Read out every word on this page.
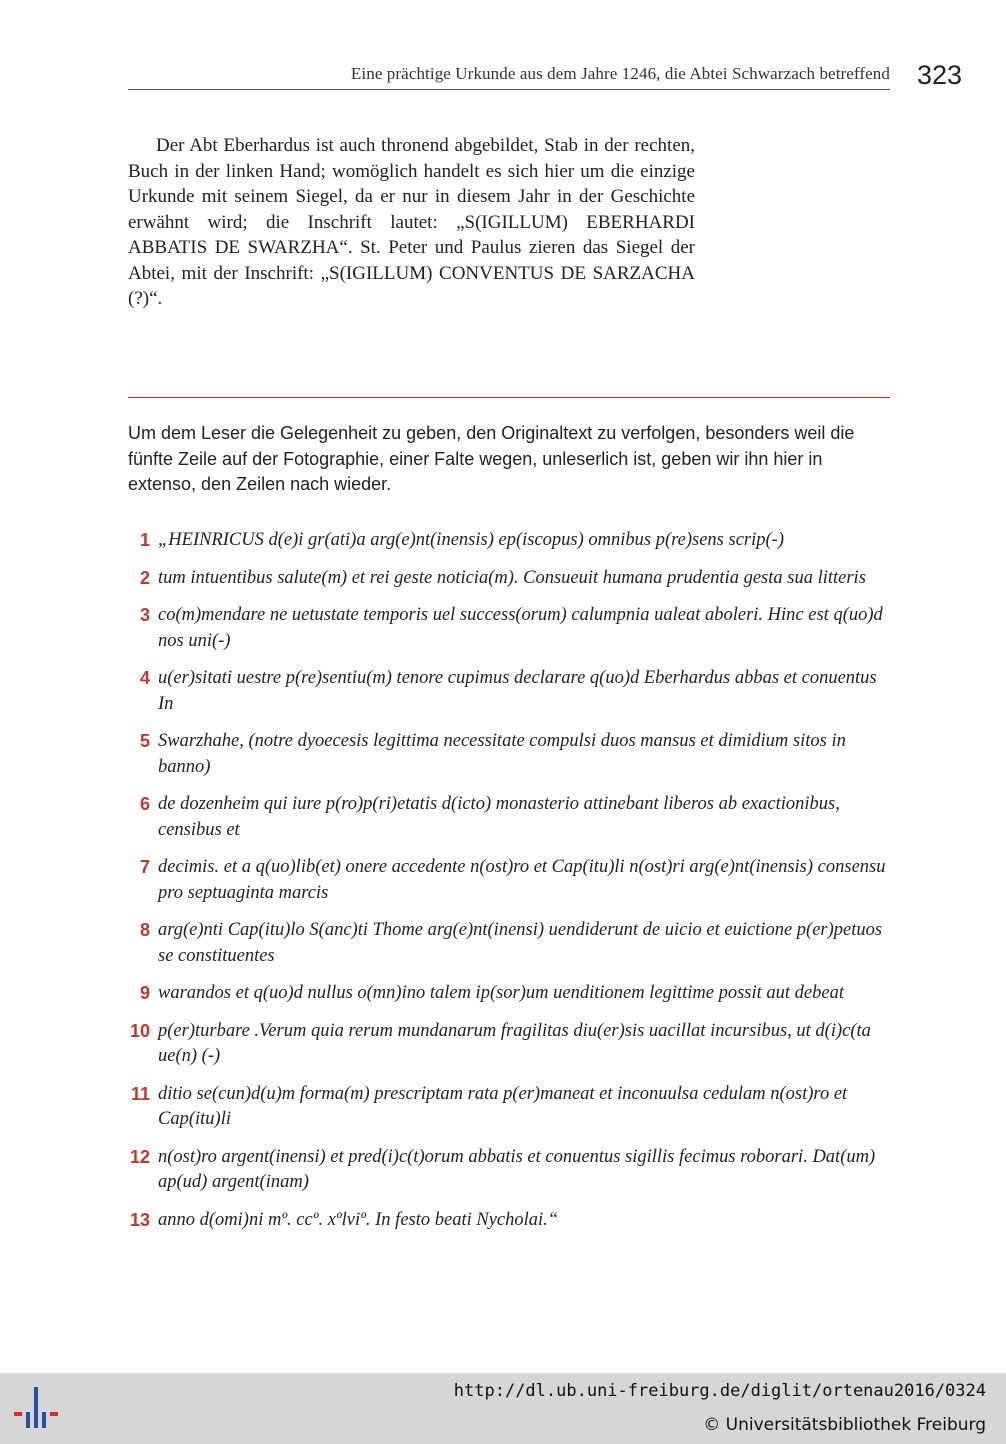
Eine prächtige Urkunde aus dem Jahre 1246, die Abtei Schwarzach betreffend 323

Der Abt Eberhardus ist auch thronend abgebildet, Stab in der rechten, Buch in der linken Hand; womöglich handelt es sich hier um die einzige Urkunde mit seinem Siegel, da er nur in diesem Jahr in der Geschichte erwähnt wird; die Inschrift lautet: „S(IGILLUM) EBERHARDI ABBATIS DE SWARZHA“. St. Peter und Paulus zieren das Siegel der Abtei, mit der Inschrift: „S(IGILLUM) CONVENTUS DE SARZACHA (?)“.

Um dem Leser die Gelegenheit zu geben, den Originaltext zu verfolgen, besonders weil die fünfte Zeile auf der Fotographie, einer Falte wegen, unleserlich ist, geben wir ihn hier in extenso, den Zeilen nach wieder.

1 „HEINRICUS d(e)i gr(ati)a arg(e)nt(inensis) ep(iscopus) omnibus p(re)sens scrip(-)
2 tum intuentibus salute(m) et rei geste noticia(m). Consueuit humana prudentia gesta sua litteris
3 co(m)mendare ne uetustate temporis uel success(orum) calumpnia ualeat aboleri. Hinc est q(uo)d nos uni(-)
4 u(er)sitati uestre p(re)sentiu(m) tenore cupimus declarare q(uo)d Eberhardus abbas et conuentus In
5 Swarzhahe, (notre dyoecesis legittima necessitate compulsi duos mansus et dimidium sitos in banno)
6 de dozenheim qui iure p(ro)p(ri)etatis d(icto) monasterio attinebant liberos ab exactionibus, censibus et
7 decimis. et a q(uo)lib(et) onere accedente n(ost)ro et Cap(itu)li n(ost)ri arg(e)nt(inensis) consensu pro septuaginta marcis
8 arg(e)nti Cap(itu)lo S(anc)ti Thome arg(e)nt(inensi) uendiderunt de uicio et euictione p(er)petuos se constituentes
9 warandos et q(uo)d nullus o(mn)ino talem ip(sor)um uenditionem legittime possit aut debeat
10 p(er)turbare .Verum quia rerum mundanarum fragilitas diu(er)sis uacillat incursibus, ut d(i)c(ta ue(n) (-)
11 ditio se(cun)d(u)m forma(m) prescriptam rata p(er)maneat et inconuulsa cedulam n(ost)ro et Cap(itu)li
12 n(ost)ro argent(inensi) et pred(i)c(t)orum abbatis et conuentus sigillis fecimus roborari. Dat(um) ap(ud) argent(inam)
13 anno d(omi)ni mº. ccº. xºlviº. In festo beati Nycholai.“
http://dl.ub.uni-freiburg.de/diglit/ortenau2016/0324
© Universitätsbibliothek Freiburg
